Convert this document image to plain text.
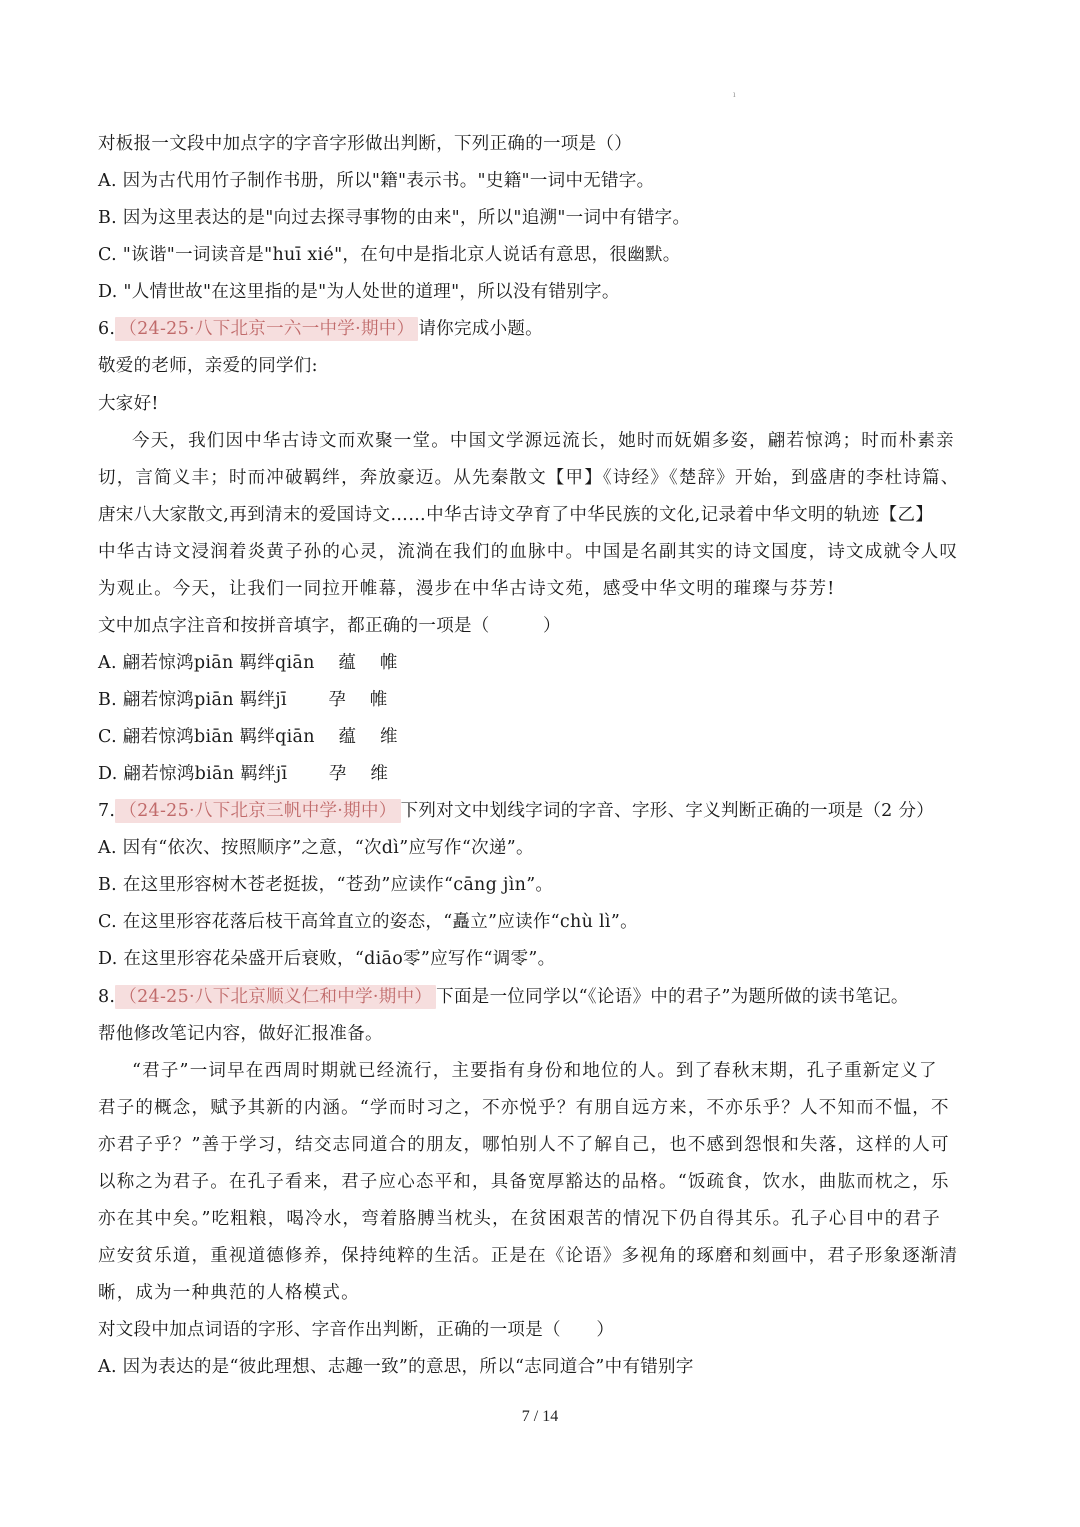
ı
对板报一文段中加点字的字音字形做出判断，下列正确的一项是（）
A. 因为古代用竹子制作书册，所以"籍"表示书。"史籍"一词中无错字。
B. 因为这里表达的是"向过去探寻事物的由来"，所以"追溯"一词中有错字。
C. "诙谐"一词读音是"huī xié"，在句中是指北京人说话有意思，很幽默。
D. "人情世故"在这里指的是"为人处世的道理"，所以没有错别字。
6. （24-25·八下北京一六一中学·期中） 请你完成小题。
敬爱的老师，亲爱的同学们:
大家好!
今天，我们因中华古诗文而欢聚一堂。中国文学源远流长，她时而妩媚多姿，翩若惊鸿；时而朴素亲
切，言简义丰；时而冲破羁绊，奔放豪迈。从先秦散文【甲】《诗经》《楚辞》开始，到盛唐的李杜诗篇、
唐宋八大家散文,再到清末的爱国诗文……中华古诗文孕育了中华民族的文化,记录着中华文明的轨迹【乙】
中华古诗文浸润着炎黄子孙的心灵，流淌在我们的血脉中。中国是名副其实的诗文国度，诗文成就令人叹
为观止。今天，让我们一同拉开帷幕，漫步在中华古诗文苑，感受中华文明的璀璨与芬芳!
文中加点字注音和按拼音填字，都正确的一项是（　　　）
A. 翩若惊鸿piān 羁绊qiān　 蕴　 帷
B. 翩若惊鸿piān 羁绊jī　　 孕　 帷
C. 翩若惊鸿biān 羁绊qiān　 蕴　 维
D. 翩若惊鸿biān 羁绊jī　　 孕　 维
7. （24-25·八下北京三帆中学·期中） 下列对文中划线字词的字音、字形、字义判断正确的一项是（2 分）
A. 因有“依次、按照顺序”之意，“次dì”应写作“次递”。
B. 在这里形容树木苍老挺拔，“苍劲”应读作“cāng jìn”。
C. 在这里形容花落后枝干高耸直立的姿态，“矗立”应读作“chù lì”。
D. 在这里形容花朵盛开后衰败，“diāo零”应写作“调零”。
8. （24-25·八下北京顺义仁和中学·期中） 下面是一位同学以“《论语》中的君子”为题所做的读书笔记。
帮他修改笔记内容，做好汇报准备。
“君子”一词早在西周时期就已经流行，主要指有身份和地位的人。到了春秋末期，孔子重新定义了
君子的概念，赋予其新的内涵。“学而时习之，不亦悦乎？有朋自远方来，不亦乐乎？人不知而不愠，不
亦君子乎？”善于学习，结交志同道合的朋友，哪怕别人不了解自己，也不感到怨恨和失落，这样的人可
以称之为君子。在孔子看来，君子应心态平和，具备宽厚豁达的品格。“饭疏食，饮水，曲肱而枕之，乐
亦在其中矣。”吃粗粮，喝冷水，弯着胳膊当枕头，在贫困艰苦的情况下仍自得其乐。孔子心目中的君子
应安贫乐道，重视道德修养，保持纯粹的生活。正是在《论语》多视角的琢磨和刻画中，君子形象逐渐清
晰，成为一种典范的人格模式。
对文段中加点词语的字形、字音作出判断，正确的一项是（　　）
A. 因为表达的是“彼此理想、志趣一致”的意思，所以“志同道合”中有错别字
7 / 14
